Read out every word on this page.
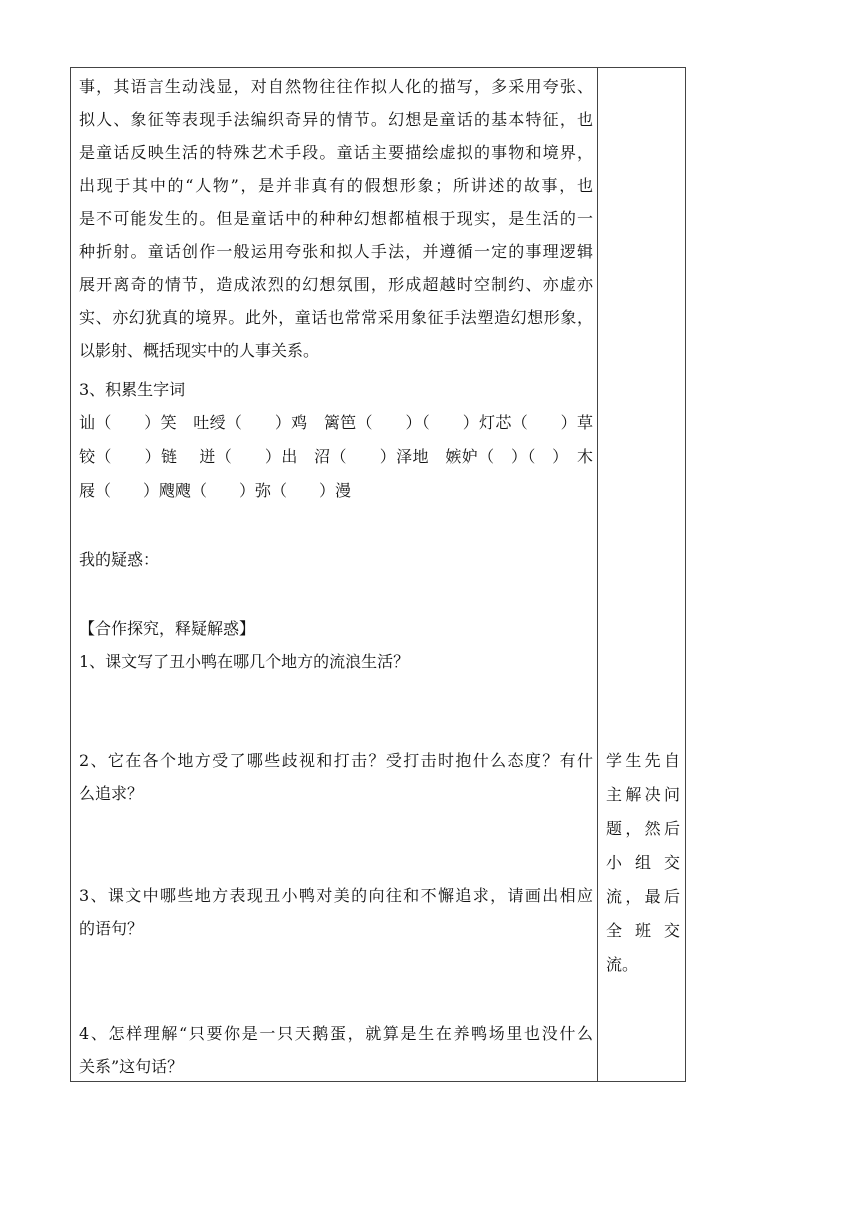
事，其语言生动浅显，对自然物往往作拟人化的描写，多采用夸张、

拟人、象征等表现手法编织奇异的情节。幻想是童话的基本特征，也

是童话反映生活的特殊艺术手段。童话主要描绘虚拟的事物和境界，

出现于其中的“人物”，是并非真有的假想形象；所讲述的故事，也

是不可能发生的。但是童话中的种种幻想都植根于现实，是生活的一

种折射。童话创作一般运用夸张和拟人手法，并遵循一定的事理逻辑

展开离奇的情节，造成浓烈的幻想氛围，形成超越时空制约、亦虚亦

实、亦幻犹真的境界。此外，童话也常常采用象征手法塑造幻想形象，

以影射、概括现实中的人事关系。

3、积累生字词
讪（　　）笑　吐绶（　　）鸡　篱笆（　　）（　　）灯芯（　　）草
铰（　　）链　 迸（　　）出　沼（　　）泽地　嫉妒（　）（　）　木
屐（　　）飕飕（　　）弥（　　）漫
我的疑惑：
【合作探究，释疑解惑】
1、课文写了丑小鸭在哪几个地方的流浪生活？
2、它在各个地方受了哪些歧视和打击？受打击时抱什么态度？有什
么追求？
3、课文中哪些地方表现丑小鸭对美的向往和不懈追求，请画出相应
的语句？
4、怎样理解“只要你是一只天鹅蛋，就算是生在养鸭场里也没什么
关系”这句话？

学生先自

主解决问

题，然后

小组交

流，最后

全班交

流。
